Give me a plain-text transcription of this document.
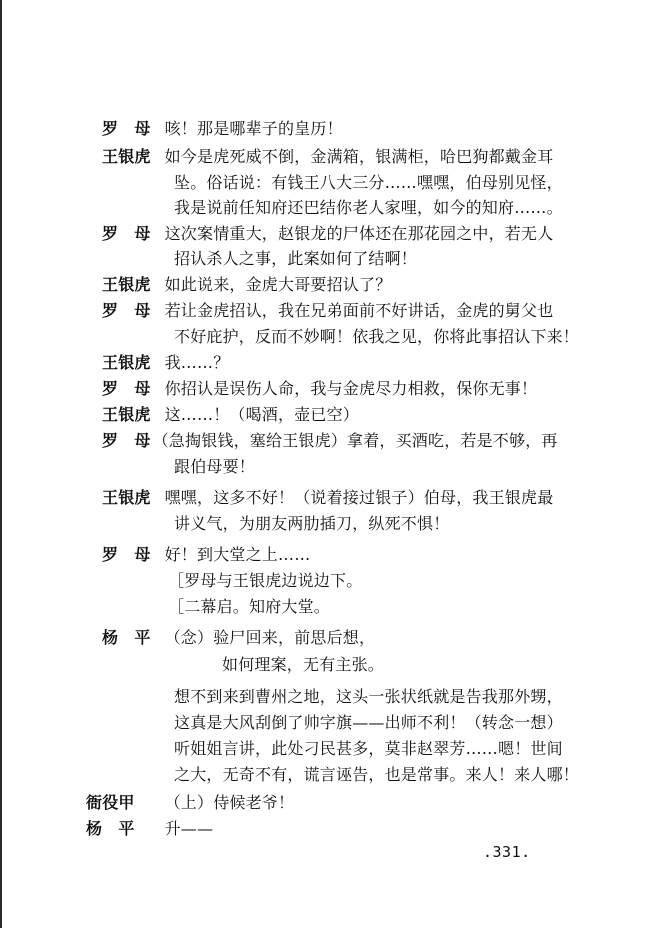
罗　母 咳！那是哪辈子的皇历！
王银虎 如今是虎死威不倒，金满箱，银满柜，哈巴狗都戴金耳
坠。俗话说：有钱王八大三分……嘿嘿，伯母别见怪，
我是说前任知府还巴结你老人家哩，如今的知府……。
罗　母 这次案情重大，赵银龙的尸体还在那花园之中，若无人
招认杀人之事，此案如何了结啊！
王银虎 如此说来，金虎大哥要招认了？
罗　母 若让金虎招认，我在兄弟面前不好讲话，金虎的舅父也
不好庇护，反而不妙啊！依我之见，你将此事招认下来！
王银虎 我……？
罗　母 你招认是误伤人命，我与金虎尽力相救，保你无事！
王银虎 这……！（喝酒，壶已空）
罗　母 （急掏银钱，塞给王银虎）拿着，买酒吃，若是不够，再
跟伯母要！
王银虎 嘿嘿，这多不好！（说着接过银子）伯母，我王银虎最
讲义气，为朋友两肋插刀，纵死不惧！
罗　母 好！到大堂之上……
［罗母与王银虎边说边下。
［二幕启。知府大堂。
杨　平 （念）验尸回来，前思后想，
如何理案，无有主张。
想不到来到曹州之地，这头一张状纸就是告我那外甥，
这真是大风刮倒了帅字旗——出师不利！（转念一想）
听姐姐言讲，此处刁民甚多，莫非赵翠芳……嗯！世间
之大，无奇不有，谎言诬告，也是常事。来人！来人哪！
衙役甲 （上）侍候老爷！
杨　平 升——
.331.
